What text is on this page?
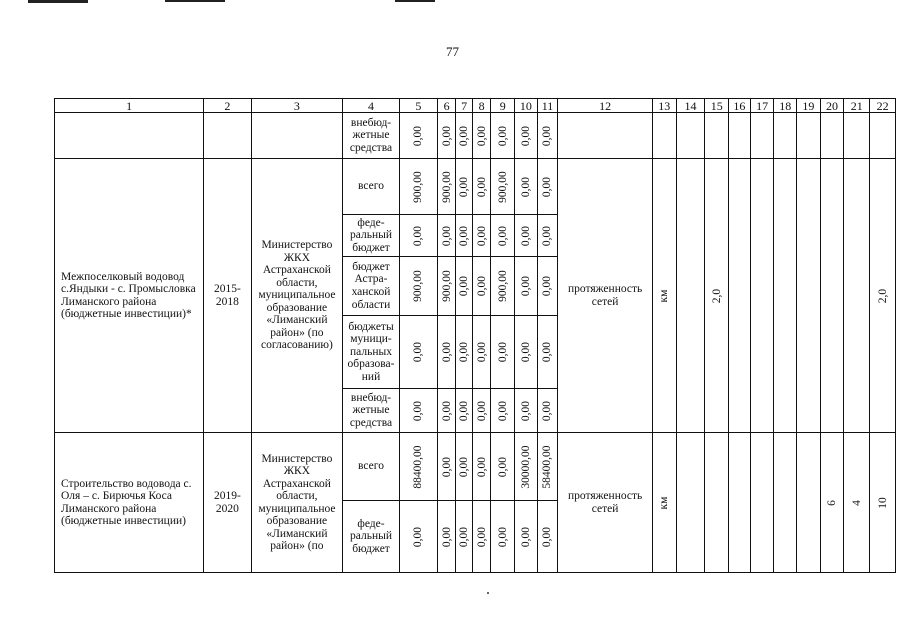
77
1	2	3	4	5	6	7	8	9	10	11	12	13	14	15	16	17	18	19	20	21	22
			внебюд-жетные средства	0,00	0,00	0,00	0,00	0,00	0,00	0,00											

Межпоселковый водовод с.Яндыки - с. Промысловка Лиманского района (бюджетные инвестиции)*	2015-2018	Министерство ЖКХ Астраханской области, муниципальное образование «Лиманский район» (по согласованию)	всего	900,00	900,00	0,00	0,00	900,00	0,00	0,00	протяженность сетей	км		2,0							2,0

			феде-ральный бюджет	0,00	0,00	0,00	0,00	0,00	0,00	0,00											

			бюджет Астра-ханской области	900,00	900,00	0,00	0,00	900,00	0,00	0,00											

			бюджеты муници-пальных образова-ний	0,00	0,00	0,00	0,00	0,00	0,00	0,00											

			внебюд-жетные средства	0,00	0,00	0,00	0,00	0,00	0,00	0,00											

Строительство водовода с. Оля – с. Бирючья Коса Лиманского района (бюджетные инвестиции)	2019-2020	Министерство ЖКХ Астраханской области, муниципальное образование «Лиманский район» (по	всего	88400,00	0,00	0,00	0,00	0,00	30000,00	58400,00	протяженность сетей	км							6	4	10

			феде-ральный бюджет	0,00	0,00	0,00	0,00	0,00	0,00	0,00											
